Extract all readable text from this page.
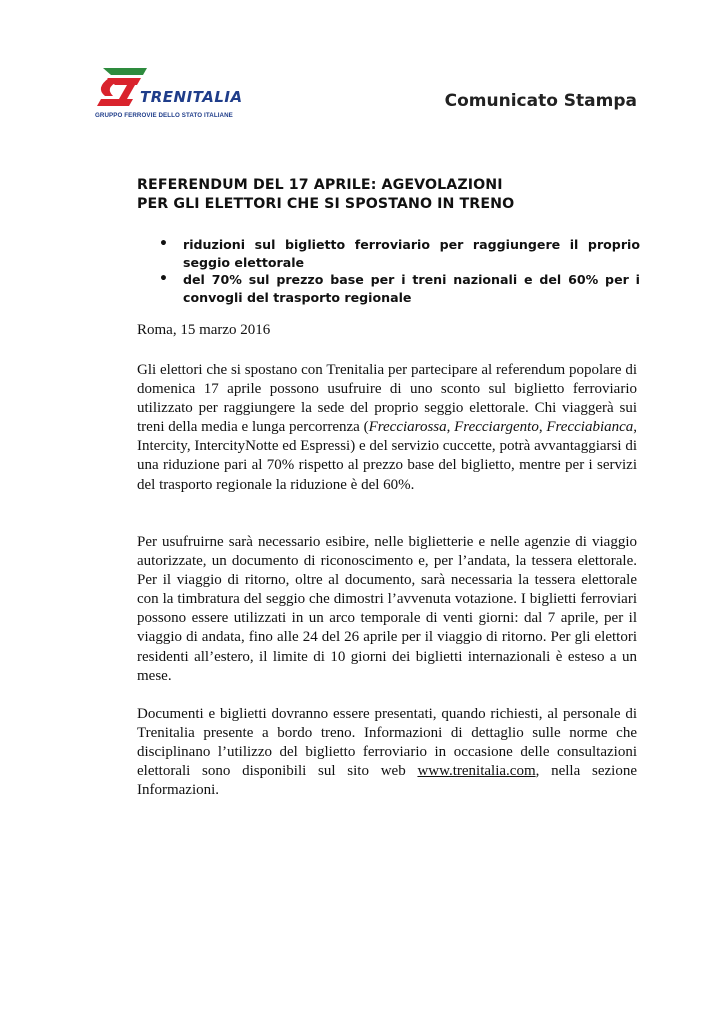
TRENITALIA
GRUPPO FERROVIE DELLO STATO ITALIANE
Comunicato Stampa
REFERENDUM DEL 17 APRILE: AGEVOLAZIONI
PER GLI ELETTORI CHE SI SPOSTANO IN TRENO
• riduzioni sul biglietto ferroviario per raggiungere il proprio seggio elettorale
• del 70% sul prezzo base per i treni nazionali e del 60% per i convogli del trasporto regionale
Roma, 15 marzo 2016

Gli elettori che si spostano con Trenitalia per partecipare al referendum popolare di domenica 17 aprile possono usufruire di uno sconto sul biglietto ferroviario utilizzato per raggiungere la sede del proprio seggio elettorale. Chi viaggerà sui treni della media e lunga percorrenza (Frecciarossa, Frecciargento, Frecciabianca, Intercity, IntercityNotte ed Espressi) e del servizio cuccette, potrà avvantaggiarsi di una riduzione pari al 70% rispetto al prezzo base del biglietto, mentre per i servizi del trasporto regionale la riduzione è del 60%.

Per usufruirne sarà necessario esibire, nelle biglietterie e nelle agenzie di viaggio autorizzate, un documento di riconoscimento e, per l’andata, la tessera elettorale. Per il viaggio di ritorno, oltre al documento, sarà necessaria la tessera elettorale con la timbratura del seggio che dimostri l’avvenuta votazione. I biglietti ferroviari possono essere utilizzati in un arco temporale di venti giorni: dal 7 aprile, per il viaggio di andata, fino alle 24 del 26 aprile per il viaggio di ritorno. Per gli elettori residenti all’estero, il limite di 10 giorni dei biglietti internazionali è esteso a un mese.

Documenti e biglietti dovranno essere presentati, quando richiesti, al personale di Trenitalia presente a bordo treno. Informazioni di dettaglio sulle norme che disciplinano l’utilizzo del biglietto ferroviario in occasione delle consultazioni elettorali sono disponibili sul sito web www.trenitalia.com, nella sezione Informazioni.
